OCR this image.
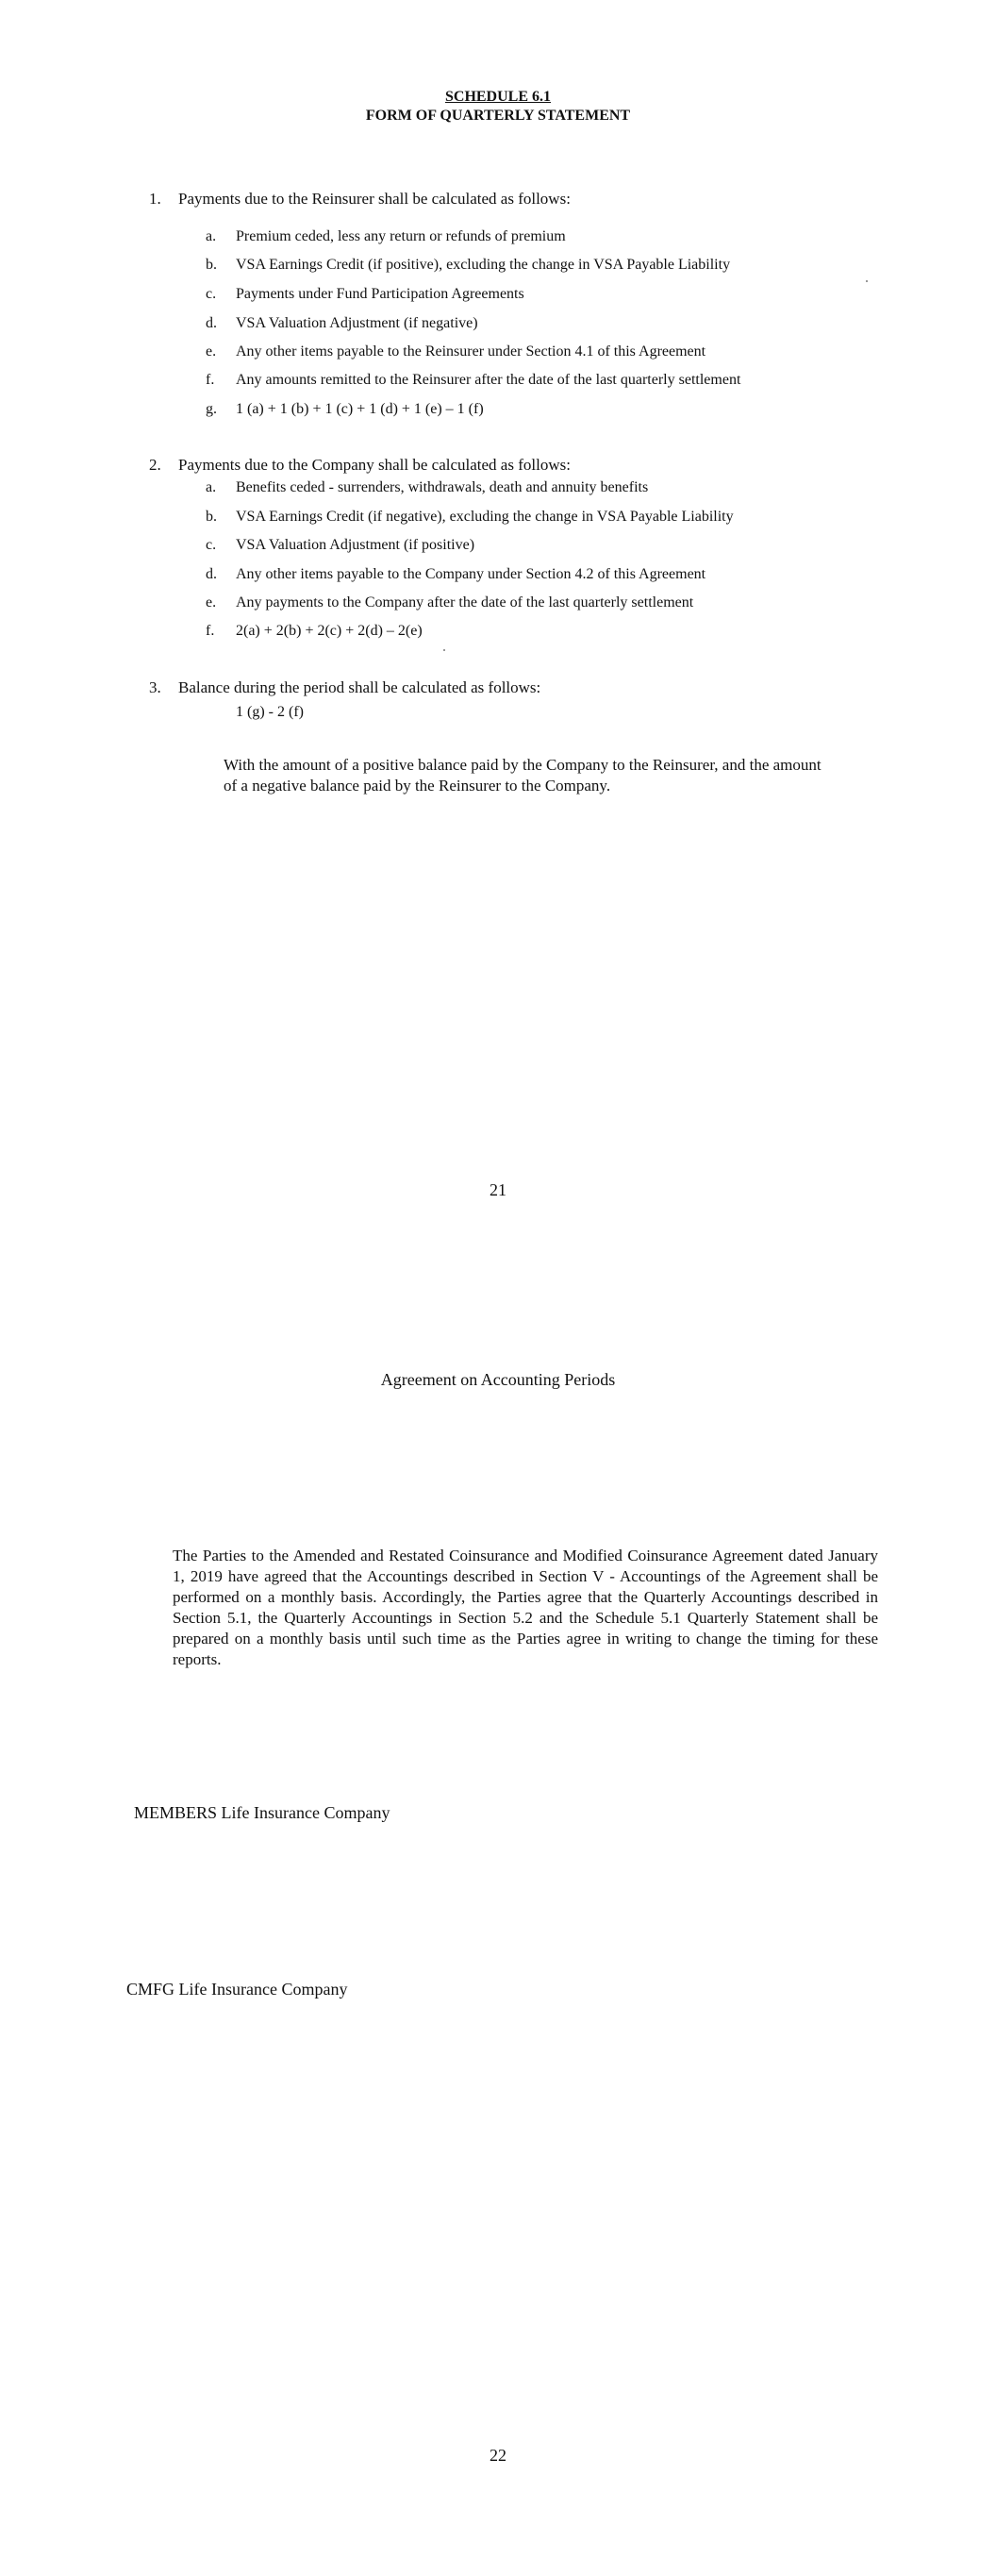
SCHEDULE 6.1
FORM OF QUARTERLY STATEMENT
1. Payments due to the Reinsurer shall be calculated as follows:
a. Premium ceded, less any return or refunds of premium
b. VSA Earnings Credit (if positive), excluding the change in VSA Payable Liability
c. Payments under Fund Participation Agreements
d. VSA Valuation Adjustment (if negative)
e. Any other items payable to the Reinsurer under Section 4.1 of this Agreement
f. Any amounts remitted to the Reinsurer after the date of the last quarterly settlement
g. 1 (a) + 1 (b) + 1 (c) + 1 (d) + 1 (e) – 1 (f)
2. Payments due to the Company shall be calculated as follows:
a. Benefits ceded - surrenders, withdrawals, death and annuity benefits
b. VSA Earnings Credit (if negative), excluding the change in VSA Payable Liability
c. VSA Valuation Adjustment (if positive)
d. Any other items payable to the Company under Section 4.2 of this Agreement
e. Any payments to the Company after the date of the last quarterly settlement
f. 2(a) + 2(b) + 2(c) + 2(d) – 2(e)
3. Balance during the period shall be calculated as follows:
1 (g) - 2 (f)
With the amount of a positive balance paid by the Company to the Reinsurer, and the amount of a negative balance paid by the Reinsurer to the Company.
21
Agreement on Accounting Periods
The Parties to the Amended and Restated Coinsurance and Modified Coinsurance Agreement dated January 1, 2019 have agreed that the Accountings described in Section V - Accountings of the Agreement shall be performed on a monthly basis. Accordingly, the Parties agree that the Quarterly Accountings described in Section 5.1, the Quarterly Accountings in Section 5.2 and the Schedule 5.1 Quarterly Statement shall be prepared on a monthly basis until such time as the Parties agree in writing to change the timing for these reports.
MEMBERS Life Insurance Company
CMFG Life Insurance Company
22
